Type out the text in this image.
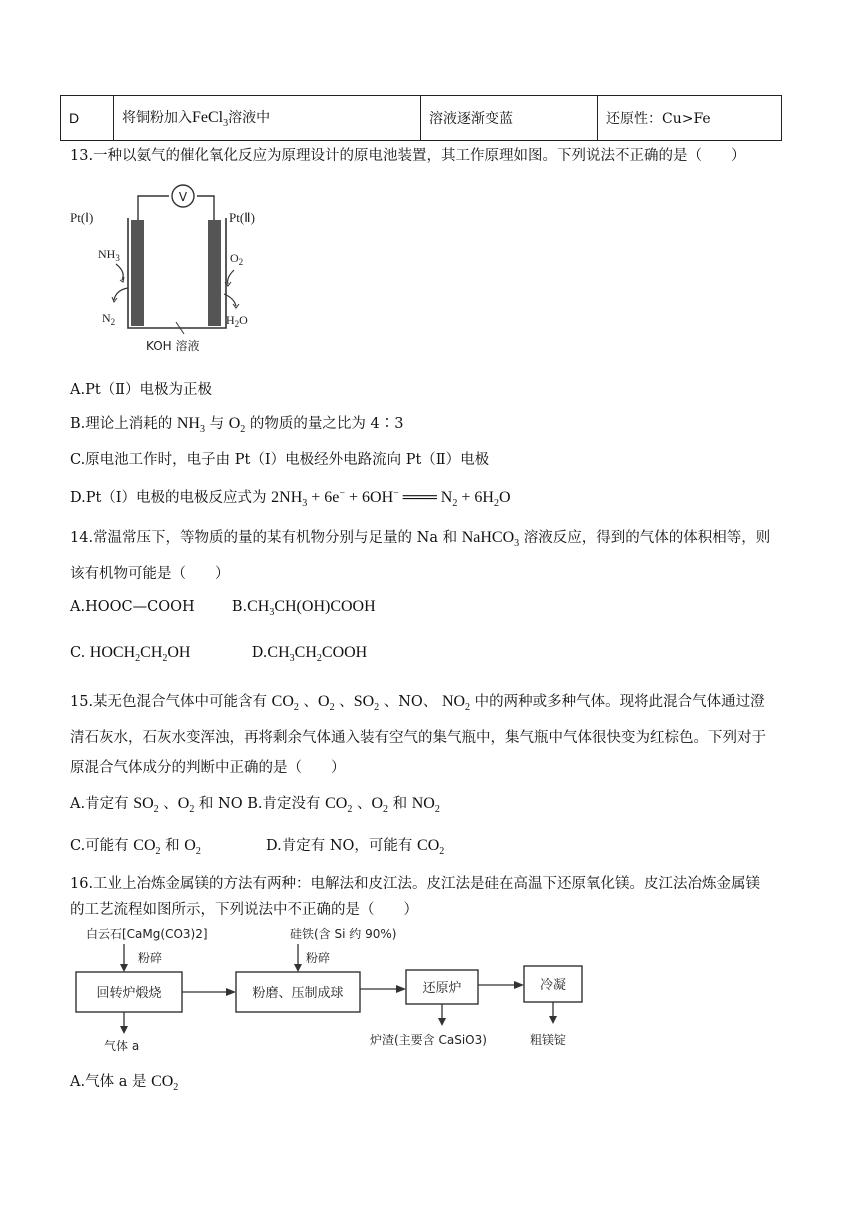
D	将铜粉加入FeCl$_3$溶液中	溶液逐渐变蓝	还原性：Cu>Fe
13.一种以氨气的催化氧化反应为原理设计的原电池装置，其工作原理如图。下列说法不正确的是（　　）
V
Pt(Ⅰ)	Pt(Ⅱ)
$NH_3$
$N_2$
$O_2$
$H_2O$
KOH 溶液
A.Pt（Ⅱ）电极为正极
B.理论上消耗的 $NH_3$ 与 $O_2$ 的物质的量之比为 4∶3
C.原电池工作时，电子由 Pt（Ⅰ）电极经外电路流向 Pt（Ⅱ）电极
D.Pt（Ⅰ）电极的电极反应式为 $2NH_3 + 6e^- + 6OH^-$ ═══ $N_2 + 6H_2O$
14.常温常压下，等物质的量的某有机物分别与足量的 Na 和 NaHCO$_3$ 溶液反应，得到的气体的体积相等，则
该有机物可能是（　　）
A.HOOC—COOH	$B.CH_3CH(OH)COOH$
C. $HOCH_2CH_2OH$	$D.CH_3CH_2COOH$
15.某无色混合气体中可能含有 $CO_2$ 、$O_2$ 、$SO_2$ 、NO、 $NO_2$ 中的两种或多种气体。现将此混合气体通过澄
清石灰水，石灰水变浑浊，再将剩余气体通入装有空气的集气瓶中，集气瓶中气体很快变为红棕色。下列对于
原混合气体成分的判断中正确的是（　　）
A.肯定有 $SO_2$ 、$O_2$ 和 NO B.肯定没有 $CO_2$ 、$O_2$ 和 $NO_2$
C.可能有 $CO_2$ 和 $O_2$	D.肯定有 NO，可能有 $CO_2$
16.工业上冶炼金属镁的方法有两种：电解法和皮江法。皮江法是硅在高温下还原氧化镁。皮江法冶炼金属镁
的工艺流程如图所示，下列说法中不正确的是（　　）
白云石[CaMg(CO3)2]	硅铁(含 Si 约 90%)
粉碎	粉碎
回转炉煅烧	粉磨、压制成球	还原炉	冷凝
气体 a	炉渣(主要含 CaSiO3)	粗镁锭
A.气体 a 是 $CO_2$
